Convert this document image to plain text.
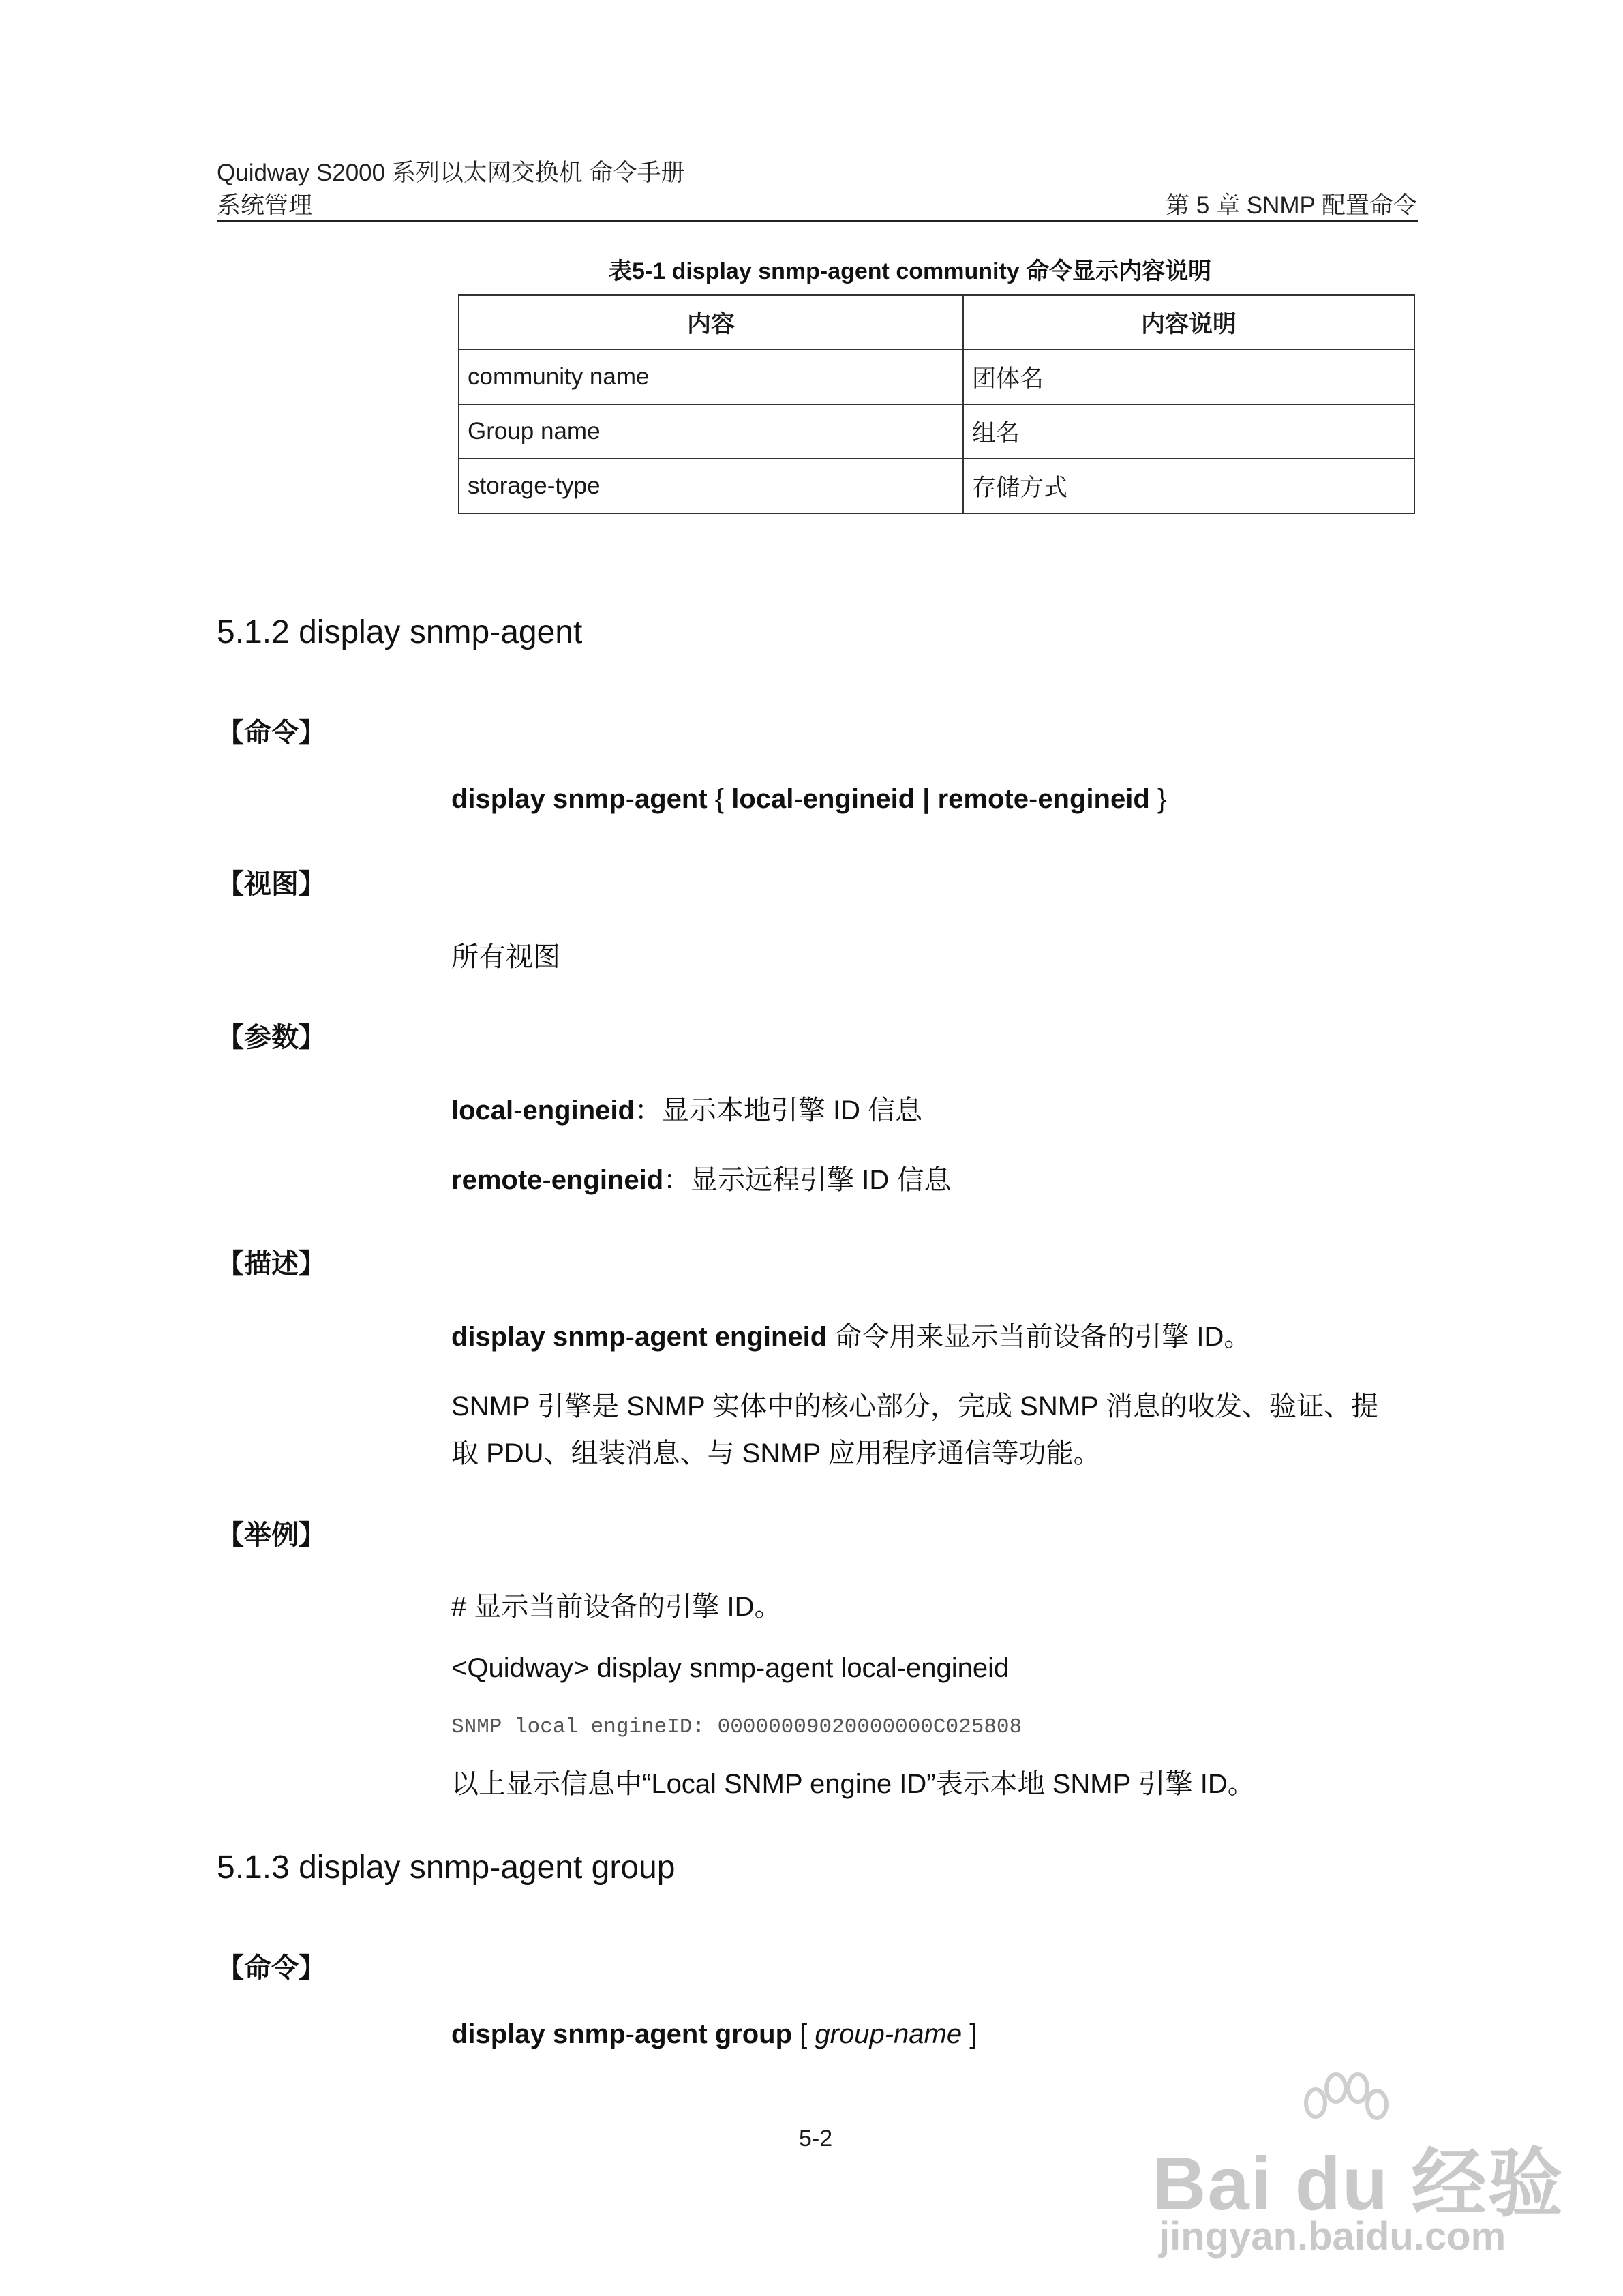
Quidway S2000 系列以太网交换机 命令手册
系统管理	第 5 章 SNMP 配置命令
表5-1 display snmp-agent community 命令显示内容说明
内容	内容说明
community name	团体名
Group name	组名
storage-type	存储方式
5.1.2 display snmp-agent
【命令】
display snmp-agent { local-engineid | remote-engineid }
【视图】
所有视图
【参数】
local-engineid：显示本地引擎 ID 信息
remote-engineid：显示远程引擎 ID 信息
【描述】
display snmp-agent engineid 命令用来显示当前设备的引擎 ID。
SNMP 引擎是 SNMP 实体中的核心部分，完成 SNMP 消息的收发、验证、提
取 PDU、组装消息、与 SNMP 应用程序通信等功能。
【举例】
# 显示当前设备的引擎 ID。
<Quidway> display snmp-agent local-engineid
SNMP local engineID: 00000009020000000C025808
以上显示信息中“Local SNMP engine ID”表示本地 SNMP 引擎 ID。
5.1.3 display snmp-agent group
【命令】
display snmp-agent group [ group-name ]
5-2
Bai du 经验
jingyan.baidu.com
